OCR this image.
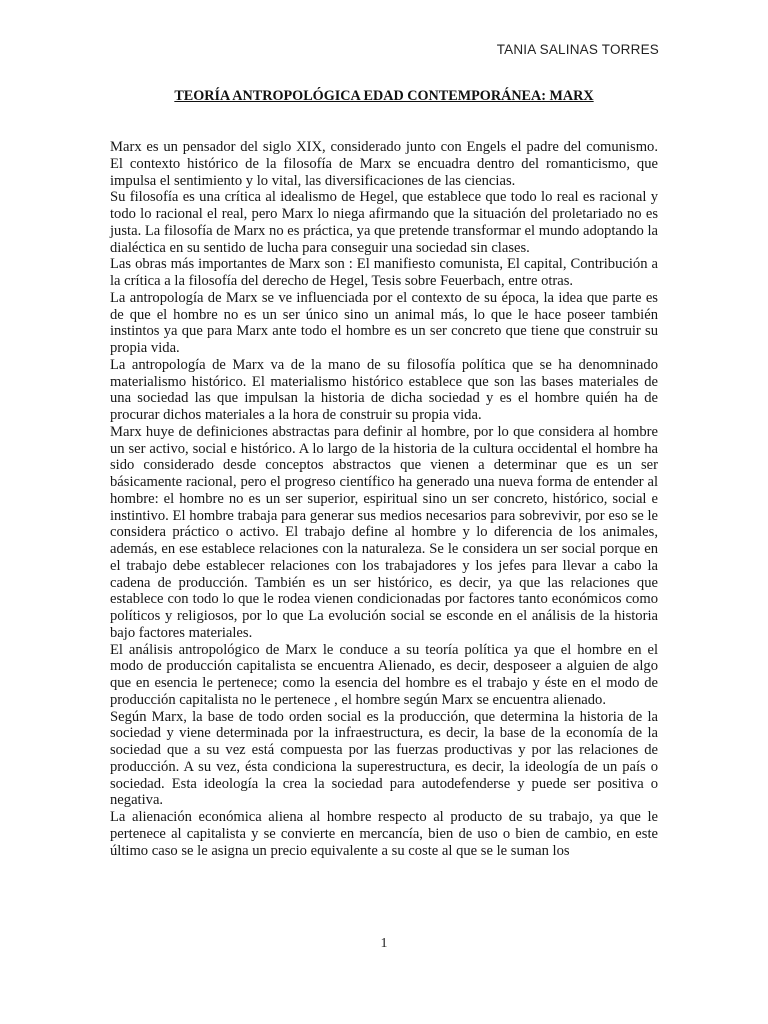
TANIA SALINAS TORRES
TEORÍA ANTROPOLÓGICA EDAD CONTEMPORÁNEA: MARX

Marx es un pensador del siglo XIX, considerado junto con Engels el padre del comunismo. El contexto histórico de la filosofía de Marx se encuadra dentro del romanticismo, que impulsa el sentimiento y lo vital, las diversificaciones de las ciencias.

Su filosofía es una crítica al idealismo de Hegel, que establece que todo lo real es racional y todo lo racional el real, pero Marx lo niega afirmando que la situación del proletariado no es justa. La filosofía de Marx no es práctica, ya que pretende transformar el mundo adoptando la dialéctica en su sentido de lucha para conseguir una sociedad sin clases.

Las obras más importantes de Marx son : El manifiesto comunista, El capital, Contribución a la crítica a la filosofía del derecho de Hegel, Tesis sobre Feuerbach, entre otras.

La antropología de Marx se ve influenciada por el contexto de su época, la idea que parte es de que el hombre no es un ser único sino un animal más, lo que le hace poseer también instintos ya que para Marx ante todo el hombre es un ser concreto que tiene que construir su propia vida.

La antropología de Marx va de la mano de su filosofía política que se ha denomninado materialismo histórico. El materialismo histórico establece que son las bases materiales de una sociedad las que impulsan la historia de dicha sociedad y es el hombre quién ha de procurar dichos materiales a la hora de construir su propia vida.

Marx huye de definiciones abstractas para definir al hombre, por lo que considera al hombre un ser activo, social e histórico. A lo largo de la historia de la cultura occidental el hombre ha sido considerado desde conceptos abstractos que vienen a determinar que es un ser básicamente racional, pero el progreso científico ha generado una nueva forma de entender al hombre: el hombre no es un ser superior, espiritual sino un ser concreto, histórico, social e instintivo. El hombre trabaja para generar sus medios necesarios para sobrevivir, por eso se le considera práctico o activo. El trabajo define al hombre y lo diferencia de los animales, además, en ese establece relaciones con la naturaleza. Se le considera un ser social porque en el trabajo debe establecer relaciones con los trabajadores y los jefes para llevar a cabo la cadena de producción. También es un ser histórico, es decir, ya que las relaciones que establece con todo lo que le rodea vienen condicionadas por factores tanto económicos como políticos y religiosos, por lo que La evolución social se esconde en el análisis de la historia bajo factores materiales.

El análisis antropológico de Marx le conduce a su teoría política ya que el hombre en el modo de producción capitalista se encuentra Alienado, es decir, desposeer a alguien de algo que en esencia le pertenece; como la esencia del hombre es el trabajo y éste en el modo de producción capitalista no le pertenece , el hombre según Marx se encuentra alienado.

Según Marx, la base de todo orden social es la producción, que determina la historia de la sociedad y viene determinada por la infraestructura, es decir, la base de la economía de la sociedad que a su vez está compuesta por las fuerzas productivas y por las relaciones de producción. A su vez, ésta condiciona la superestructura, es decir, la ideología de un país o sociedad. Esta ideología la crea la sociedad para autodefenderse y puede ser positiva o negativa.

La alienación económica aliena al hombre respecto al producto de su trabajo, ya que le pertenece al capitalista y se convierte en mercancía, bien de uso o bien de cambio, en este último caso se le asigna un precio equivalente a su coste al que se le suman los

1
